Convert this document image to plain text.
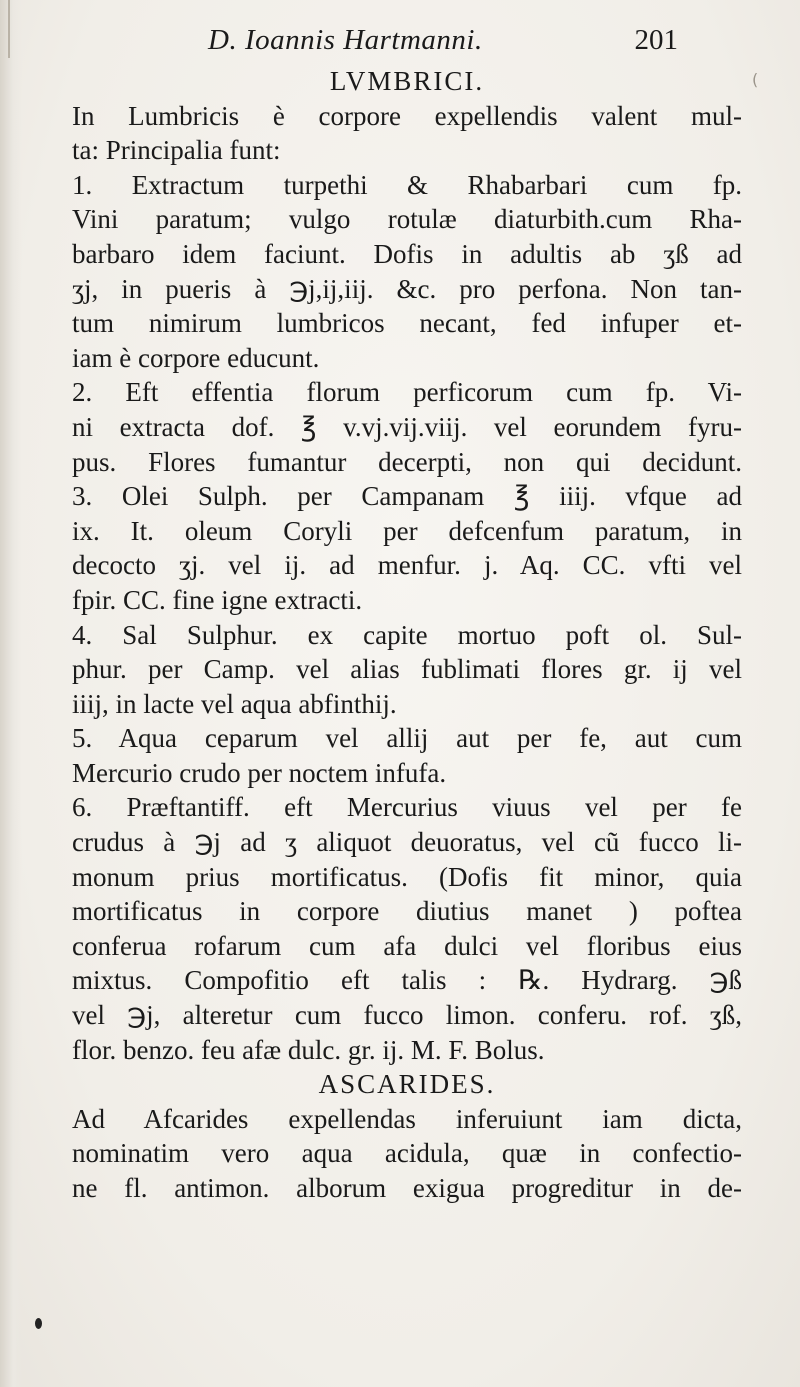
(
D. Ioannis Hartmanni.	201
LVMBRICI.
In Lumbricis è corpore expellendis valent mul-
ta: Principalia funt:
1. Extractum turpethi & Rhabarbari cum fp.
Vini paratum; vulgo rotulæ diaturbith.cum Rha-
barbaro idem faciunt. Dofis in adultis ab ʒß ad
ʒj, in pueris à ℈j,ij,iij. &c. pro perfona. Non tan-
tum nimirum lumbricos necant, fed infuper et-
iam è corpore educunt.
2. Eft effentia florum perficorum cum fp. Vi-
ni extracta dof. ℥ v.vj.vij.viij. vel eorundem fyru-
pus. Flores fumantur decerpti, non qui decidunt.
3. Olei Sulph. per Campanam ℥ iiij. vfque ad
ix. It. oleum Coryli per defcenfum paratum, in
decocto ʒj. vel ij. ad menfur. j. Aq. CC. vfti vel
fpir. CC. fine igne extracti.
4. Sal Sulphur. ex capite mortuo poft ol. Sul-
phur. per Camp. vel alias fublimati flores gr. ij vel
iiij, in lacte vel aqua abfinthij.
5. Aqua ceparum vel allij aut per fe, aut cum
Mercurio crudo per noctem infufa.
6. Præftantiff. eft Mercurius viuus vel per fe
crudus à ℈j ad ʒ aliquot deuoratus, vel cũ fucco li-
monum prius mortificatus. (Dofis fit minor, quia
mortificatus in corpore diutius manet ) poftea
conferua rofarum cum afa dulci vel floribus eius
mixtus. Compofitio eft talis : ℞. Hydrarg. ℈ß
vel ℈j, alteretur cum fucco limon. conferu. rof. ʒß,
flor. benzo. feu afæ dulc. gr. ij. M. F. Bolus.
ASCARIDES.
Ad Afcarides expellendas inferuiunt iam dicta,
nominatim vero aqua acidula, quæ in confectio-
ne fl. antimon. alborum exigua progreditur in de-
